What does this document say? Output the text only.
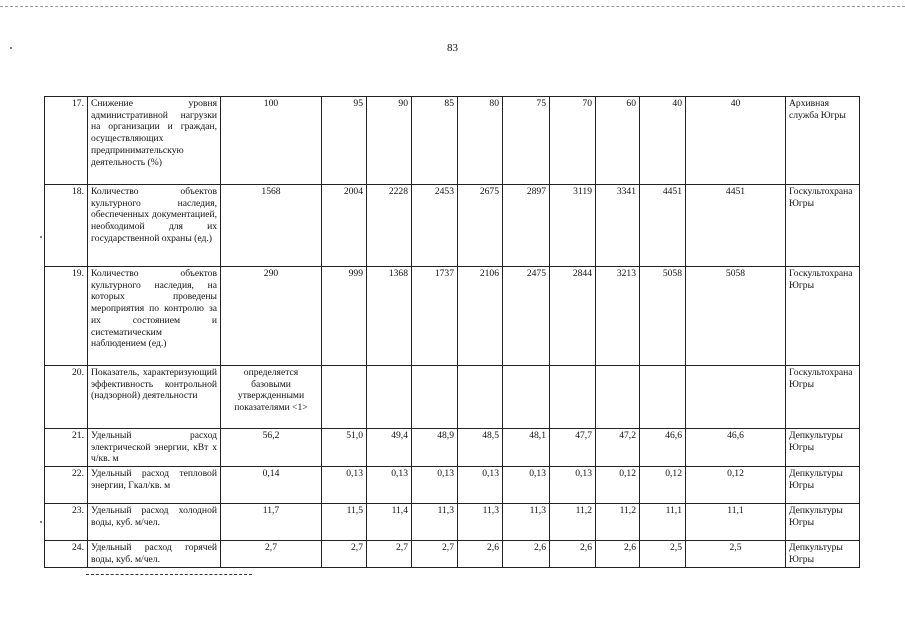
83
17.	Снижение уровня административной нагрузки на организации и граждан, осуществляющих предпринимательскую деятельность (%)	100	95	90	85	80	75	70	60	40	40	Архивная служба Югры
18.	Количество объектов культурного наследия, обеспеченных документацией, необходимой для их государственной охраны (ед.)	1568	2004	2228	2453	2675	2897	3119	3341	4451	4451	Госкультохрана Югры
19.	Количество объектов культурного наследия, на которых проведены мероприятия по контролю за их состоянием и систематическим наблюдением (ед.)	290	999	1368	1737	2106	2475	2844	3213	5058	5058	Госкультохрана Югры
20.	Показатель, характеризующий эффективность контрольной (надзорной) деятельности	определяется базовыми утвержденными показателями <1>										Госкультохрана Югры
21.	Удельный расход электрической энергии, кВт х ч/кв. м	56,2	51,0	49,4	48,9	48,5	48,1	47,7	47,2	46,6	46,6	Депкультуры Югры
22.	Удельный расход тепловой энергии, Гкал/кв. м	0,14	0,13	0,13	0,13	0,13	0,13	0,13	0,12	0,12	0,12	Депкультуры Югры
23.	Удельный расход холодной воды, куб. м/чел.	11,7	11,5	11,4	11,3	11,3	11,3	11,2	11,2	11,1	11,1	Депкультуры Югры
24.	Удельный расход горячей воды, куб. м/чел.	2,7	2,7	2,7	2,7	2,6	2,6	2,6	2,6	2,5	2,5	Депкультуры Югры
